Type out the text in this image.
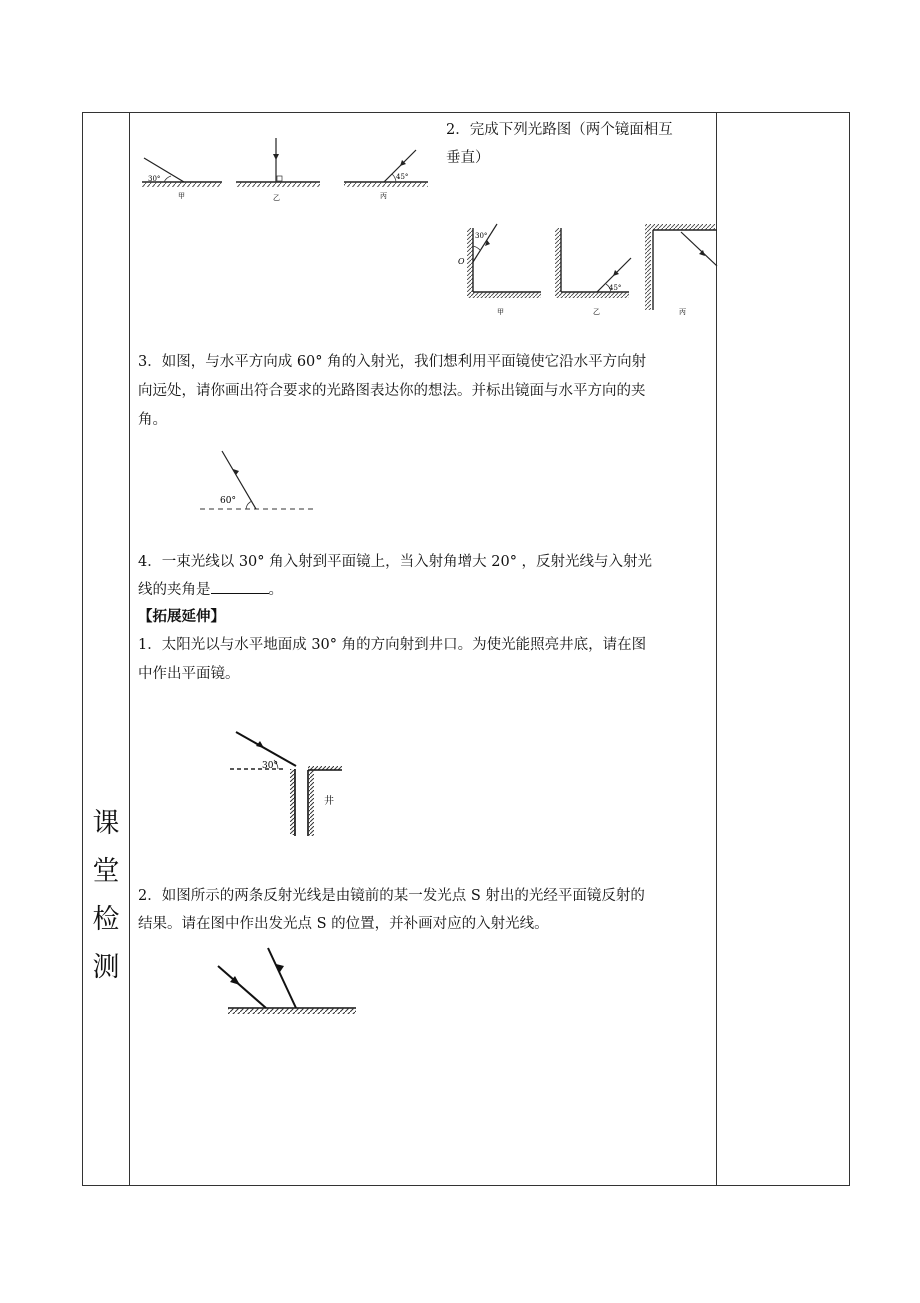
课
堂
检
测

2．完成下列光路图（两个镜面相互

垂直）

30°
甲	乙
45°
丙
30°
O
甲
45°
乙	丙

3．如图，与水平方向成 60° 角的入射光，我们想利用平面镜使它沿水平方向射

向远处，请你画出符合要求的光路图表达你的想法。并标出镜面与水平方向的夹

角。

60°

4．一束光线以 30° 角入射到平面镜上，当入射角增大 20° ，反射光线与入射光

线的夹角是	。

【拓展延伸】

1．太阳光以与水平地面成 30° 角的方向射到井口。为使光能照亮井底，请在图

中作出平面镜。

30°
井

2．如图所示的两条反射光线是由镜前的某一发光点 S 射出的光经平面镜反射的

结果。请在图中作出发光点 S 的位置，并补画对应的入射光线。
